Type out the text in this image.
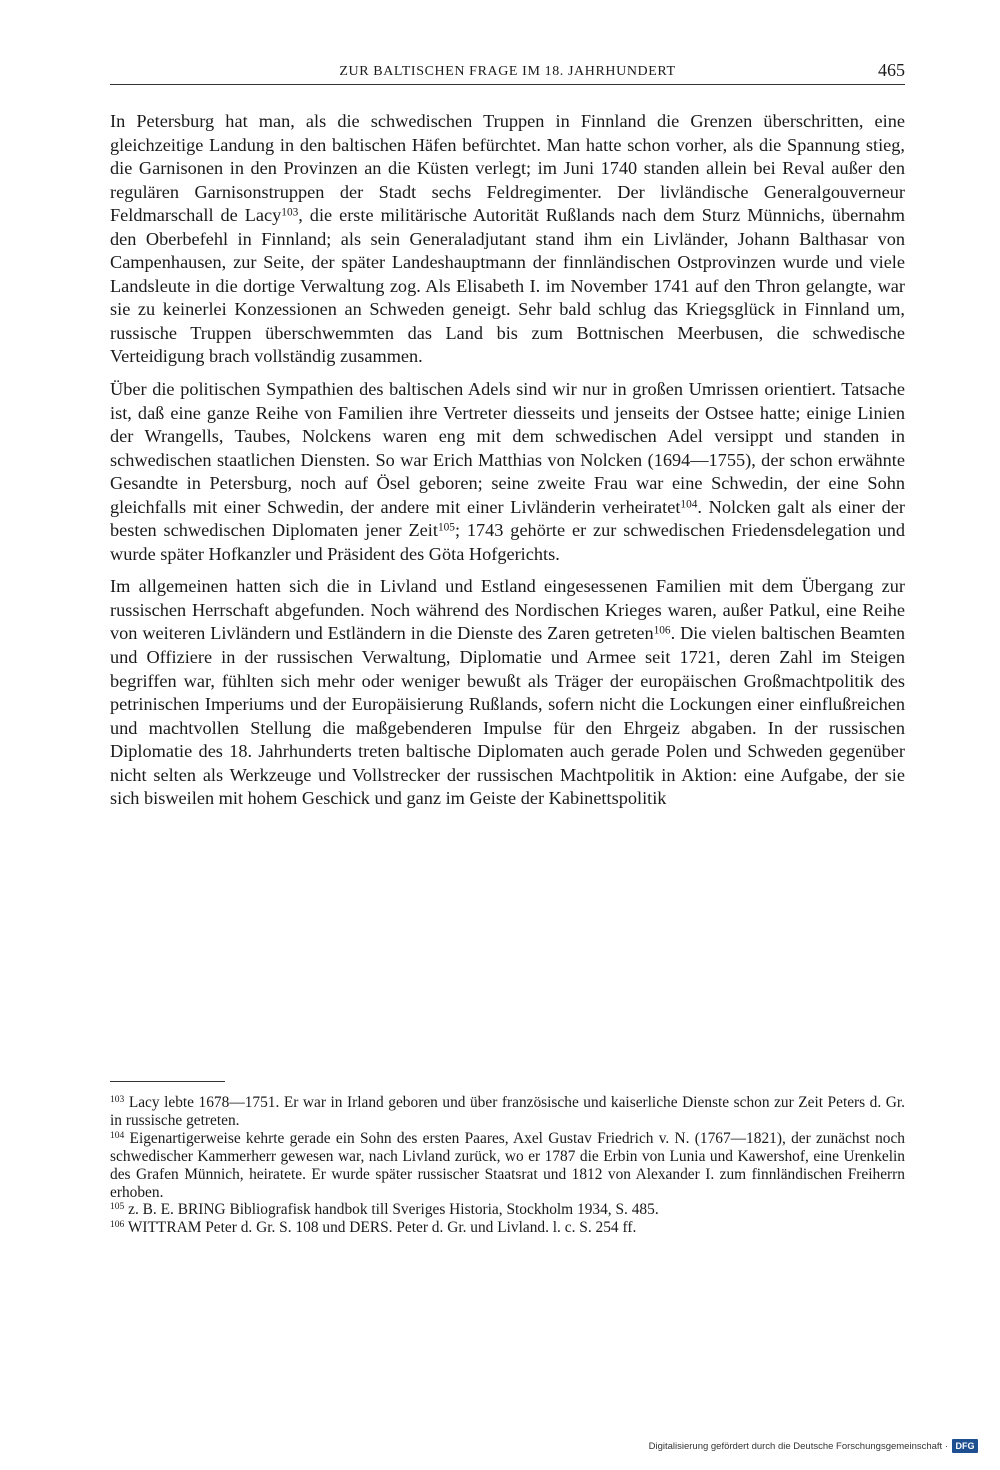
ZUR BALTISCHEN FRAGE IM 18. JAHRHUNDERT	465

In Petersburg hat man, als die schwedischen Truppen in Finnland die Grenzen überschritten, eine gleichzeitige Landung in den baltischen Häfen befürchtet. Man hatte schon vorher, als die Spannung stieg, die Garnisonen in den Provinzen an die Küsten verlegt; im Juni 1740 standen allein bei Reval außer den regulären Garnisonstruppen der Stadt sechs Feldregimenter. Der livländische Generalgouverneur Feldmarschall de Lacy$^{103}$, die erste militärische Autorität Rußlands nach dem Sturz Münnichs, übernahm den Oberbefehl in Finnland; als sein Generaladjutant stand ihm ein Livländer, Johann Balthasar von Campenhausen, zur Seite, der später Landeshauptmann der finnländischen Ostprovinzen wurde und viele Landsleute in die dortige Verwaltung zog. Als Elisabeth I. im November 1741 auf den Thron gelangte, war sie zu keinerlei Konzessionen an Schweden geneigt. Sehr bald schlug das Kriegsglück in Finnland um, russische Truppen überschwemmten das Land bis zum Bottnischen Meerbusen, die schwedische Verteidigung brach vollständig zusammen.

Über die politischen Sympathien des baltischen Adels sind wir nur in großen Umrissen orientiert. Tatsache ist, daß eine ganze Reihe von Familien ihre Vertreter diesseits und jenseits der Ostsee hatte; einige Linien der Wrangells, Taubes, Nolckens waren eng mit dem schwedischen Adel versippt und standen in schwedischen staatlichen Diensten. So war Erich Matthias von Nolcken (1694—1755), der schon erwähnte Gesandte in Petersburg, noch auf Ösel geboren; seine zweite Frau war eine Schwedin, der eine Sohn gleichfalls mit einer Schwedin, der andere mit einer Livländerin verheiratet$^{104}$. Nolcken galt als einer der besten schwedischen Diplomaten jener Zeit$^{105}$; 1743 gehörte er zur schwedischen Friedensdelegation und wurde später Hofkanzler und Präsident des Göta Hofgerichts.

Im allgemeinen hatten sich die in Livland und Estland eingesessenen Familien mit dem Übergang zur russischen Herrschaft abgefunden. Noch während des Nordischen Krieges waren, außer Patkul, eine Reihe von weiteren Livländern und Estländern in die Dienste des Zaren getreten$^{106}$. Die vielen baltischen Beamten und Offiziere in der russischen Verwaltung, Diplomatie und Armee seit 1721, deren Zahl im Steigen begriffen war, fühlten sich mehr oder weniger bewußt als Träger der europäischen Großmachtpolitik des petrinischen Imperiums und der Europäisierung Rußlands, sofern nicht die Lockungen einer einflußreichen und machtvollen Stellung die maßgebenderen Impulse für den Ehrgeiz abgaben. In der russischen Diplomatie des 18. Jahrhunderts treten baltische Diplomaten auch gerade Polen und Schweden gegenüber nicht selten als Werkzeuge und Vollstrecker der russischen Machtpolitik in Aktion: eine Aufgabe, der sie sich bisweilen mit hohem Geschick und ganz im Geiste der Kabinettspolitik

$^{103}$ Lacy lebte 1678—1751. Er war in Irland geboren und über französische und kaiserliche Dienste schon zur Zeit Peters d. Gr. in russische getreten.

$^{104}$ Eigenartigerweise kehrte gerade ein Sohn des ersten Paares, Axel Gustav Friedrich v. N. (1767—1821), der zunächst noch schwedischer Kammerherr gewesen war, nach Livland zurück, wo er 1787 die Erbin von Lunia und Kawershof, eine Urenkelin des Grafen Münnich, heiratete. Er wurde später russischer Staatsrat und 1812 von Alexander I. zum finnländischen Freiherrn erhoben.

$^{105}$ z. B. E. BRING Bibliografisk handbok till Sveriges Historia, Stockholm 1934, S. 485.

$^{106}$ WITTRAM Peter d. Gr. S. 108 und DERS. Peter d. Gr. und Livland. l. c. S. 254 ff.

Digitalisierung gefördert durch die Deutsche Forschungsgemeinschaft · DFG
